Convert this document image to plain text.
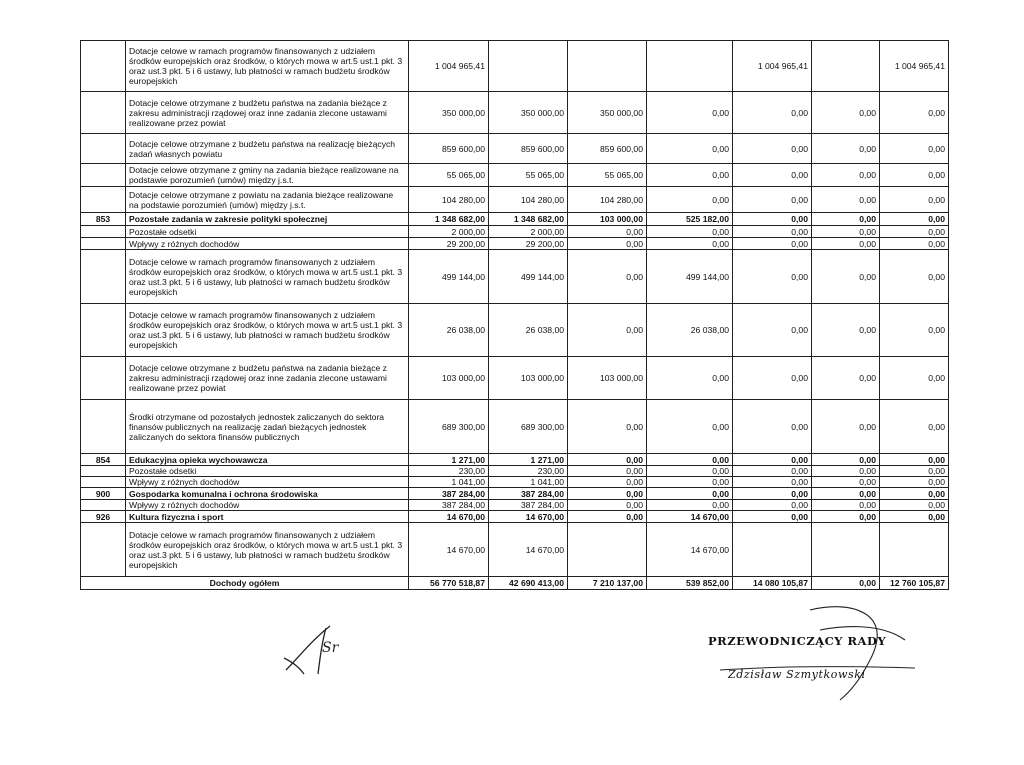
	Dotacje celowe w ramach programów finansowanych z udziałem środków europejskich oraz środków, o których mowa w art.5 ust.1 pkt. 3 oraz ust.3 pkt. 5 i 6 ustawy, lub płatności w ramach budżetu środków europejskich	1 004 965,41				1 004 965,41		1 004 965,41
	Dotacje celowe otrzymane z budżetu państwa na zadania bieżące z zakresu administracji rządowej oraz inne zadania zlecone ustawami realizowane przez powiat	350 000,00	350 000,00	350 000,00	0,00	0,00	0,00	0,00
	Dotacje celowe otrzymane z budżetu państwa na realizację bieżących zadań własnych powiatu	859 600,00	859 600,00	859 600,00	0,00	0,00	0,00	0,00
	Dotacje celowe otrzymane z gminy na zadania bieżące realizowane na podstawie porozumień (umów) między j.s.t.	55 065,00	55 065,00	55 065,00	0,00	0,00	0,00	0,00
	Dotacje celowe otrzymane z powiatu na zadania bieżące realizowane na podstawie porozumień (umów) między j.s.t.	104 280,00	104 280,00	104 280,00	0,00	0,00	0,00	0,00
853	Pozostałe zadania w zakresie polityki społecznej	1 348 682,00	1 348 682,00	103 000,00	525 182,00	0,00	0,00	0,00
	Pozostałe odsetki	2 000,00	2 000,00	0,00	0,00	0,00	0,00	0,00
	Wpływy z różnych dochodów	29 200,00	29 200,00	0,00	0,00	0,00	0,00	0,00
	Dotacje celowe w ramach programów finansowanych z udziałem środków europejskich oraz środków, o których mowa w art.5 ust.1 pkt. 3 oraz ust.3 pkt. 5 i 6 ustawy, lub płatności w ramach budżetu środków europejskich	499 144,00	499 144,00	0,00	499 144,00	0,00	0,00	0,00
	Dotacje celowe w ramach programów finansowanych z udziałem środków europejskich oraz środków, o których mowa w art.5 ust.1 pkt. 3 oraz ust.3 pkt. 5 i 6 ustawy, lub płatności w ramach budżetu środków europejskich	26 038,00	26 038,00	0,00	26 038,00	0,00	0,00	0,00
	Dotacje celowe otrzymane z budżetu państwa na zadania bieżące z zakresu administracji rządowej oraz inne zadania zlecone ustawami realizowane przez powiat	103 000,00	103 000,00	103 000,00	0,00	0,00	0,00	0,00
	Środki otrzymane od pozostałych jednostek zaliczanych do sektora finansów publicznych na realizację zadań bieżących jednostek zaliczanych do sektora finansów publicznych	689 300,00	689 300,00	0,00	0,00	0,00	0,00	0,00
854	Edukacyjna opieka wychowawcza	1 271,00	1 271,00	0,00	0,00	0,00	0,00	0,00
	Pozostałe odsetki	230,00	230,00	0,00	0,00	0,00	0,00	0,00
	Wpływy z różnych dochodów	1 041,00	1 041,00	0,00	0,00	0,00	0,00	0,00
900	Gospodarka komunalna i ochrona środowiska	387 284,00	387 284,00	0,00	0,00	0,00	0,00	0,00
	Wpływy z różnych dochodów	387 284,00	387 284,00	0,00	0,00	0,00	0,00	0,00
926	Kultura fizyczna i sport	14 670,00	14 670,00	0,00	14 670,00	0,00	0,00	0,00
	Dotacje celowe w ramach programów finansowanych z udziałem środków europejskich oraz środków, o których mowa w art.5 ust.1 pkt. 3 oraz ust.3 pkt. 5 i 6 ustawy, lub płatności w ramach budżetu środków europejskich	14 670,00	14 670,00		14 670,00			
Dochody ogółem		56 770 518,87	42 690 413,00	7 210 137,00	539 852,00	14 080 105,87	0,00	12 760 105,87
Sr	PRZEWODNICZĄCY RADY
Zdzisław Szmytkowski
